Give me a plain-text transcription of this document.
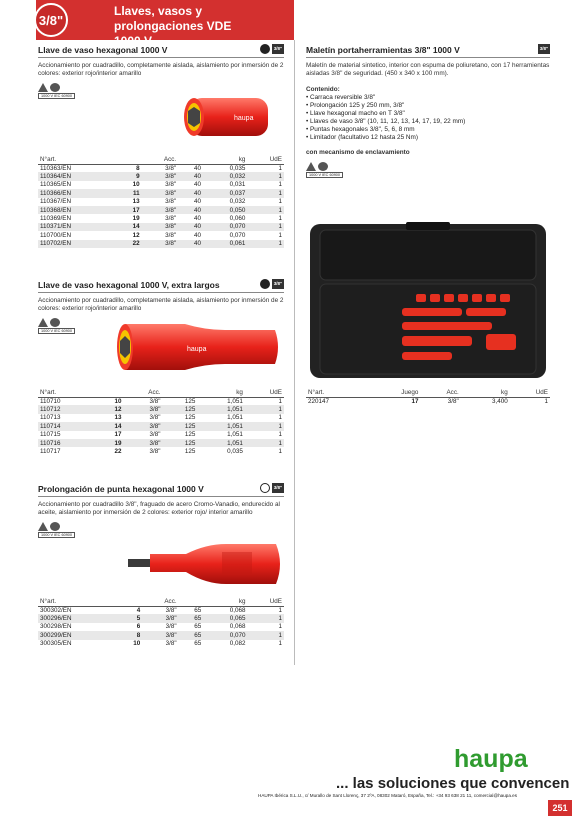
3/8"
Llaves, vasos y prolongaciones VDE
1000 V
Llave de vaso hexagonal 1000 V	3/8"
Accionamiento por cuadradillo, completamente aislada, aislamiento por inmersión de 2 colores: exterior rojo/interior amarillo
1000 V IEC 60900
haupa
N°art.		Acc.		kg	UdE
110363/EN	8	3/8"	40	0,035	1
110364/EN	9	3/8"	40	0,032	1
110365/EN	10	3/8"	40	0,031	1
110366/EN	11	3/8"	40	0,037	1
110367/EN	13	3/8"	40	0,032	1
110368/EN	17	3/8"	40	0,050	1
110369/EN	19	3/8"	40	0,060	1
110371/EN	14	3/8"	40	0,070	1
110700/EN	12	3/8"	40	0,070	1
110702/EN	22	3/8"	40	0,061	1
Llave de vaso hexagonal 1000 V, extra largos	3/8"
Accionamiento por cuadradillo, completamente aislada, aislamiento por inmersión de 2 colores: exterior rojo/interior amarillo
1000 V IEC 60900
haupa
N°art.		Acc.		kg	UdE
110710	10	3/8"	125	1,051	1
110712	12	3/8"	125	1,051	1
110713	13	3/8"	125	1,051	1
110714	14	3/8"	125	1,051	1
110715	17	3/8"	125	1,051	1
110716	19	3/8"	125	1,051	1
110717	22	3/8"	125	0,035	1
Prolongación de punta hexagonal 1000 V	3/8"
Accionamiento por cuadradillo 3/8", fraguado de acero Cromo-Vanadio, endurecido al aceite, aislamiento por inmersión de 2 colores: exterior rojo/ interior amarillo
1000 V IEC 60900
N°art.		Acc.		kg	UdE
300302/EN	4	3/8"	65	0,068	1
300296/EN	5	3/8"	65	0,065	1
300298/EN	6	3/8"	65	0,068	1
300299/EN	8	3/8"	65	0,070	1
300305/EN	10	3/8"	65	0,082	1
Maletín portaherramientas 3/8" 1000 V	3/8"
Maletín de material sintetico, interior con espuma de poliuretano, con 17 herramientas aisladas 3/8" de seguridad. (450 x 340 x 100 mm).
Contenido:
• Carraca reversible 3/8"
• Prolongación 125 y 250 mm, 3/8"
• Llave hexagonal macho en T 3/8"
• Llaves de vaso 3/8" (10, 11, 12, 13, 14, 17, 19, 22 mm)
• Puntas hexagonales 3/8", 5, 6, 8 mm
• Limitador (facultativo 12 hasta 25 Nm)
con mecanismo de enclavamiento
1000 V IEC 60900
N°art.	Juego	Acc.	kg	UdE
220147	17	3/8"	3,400	1
haupa
... las soluciones que convencen
HAUPA Ibérica S.L.U., c/ Murallo de Sant Llorenç, 37 2ºA, 08302 Mataró, España, Tel.: +34 93 638 21 11, comercial@haupa.es
251
